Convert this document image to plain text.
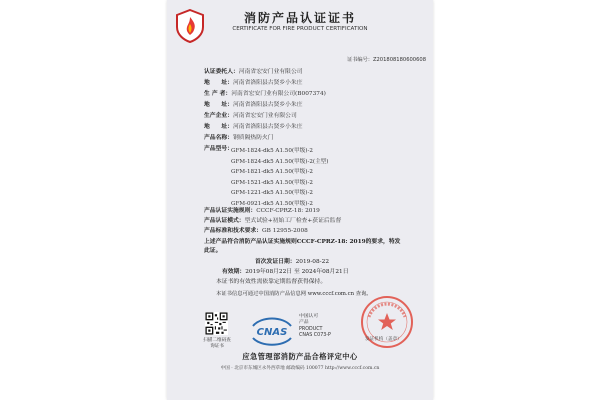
消防产品认证证书
CERTIFICATE FOR FIRE PRODUCT CERTIFICATION
证书编号：Z201808180600608
认证委托人：河南省宏安门业有限公司
地　　址：河南省洛阳县古贤乡小朱庄
生 产 者：河南省宏安门业有限公司(B007374)
地　　址：河南省洛阳县古贤乡小朱庄
生产企业：河南省宏安门业有限公司
地　　址：河南省洛阳县古贤乡小朱庄
产品名称：钢质隔热防火门
产品型号：
GFM-1824-dk5 A1.50(甲级)-2
GFM-1824-dk5 A1.50(甲级)-2(主型)
GFM-1821-dk5 A1.50(甲级)-2
GFM-1521-dk5 A1.50(甲级)-2
GFM-1221-dk5 A1.50(甲级)-2
GFM-0921-dk5 A1.50(甲级)-2
产品认证实施规则：CCCF-CPRZ-18: 2019
产品认证模式：型式试验+初始工厂检查+获证后监督
产品标准和技术要求：GB 12955-2008
上述产品符合消防产品认证实施规则CCCF-CPRZ-18: 2019的要求，特发此证。
首次发证日期：2019-08-22
有效期：2019年08月22日 至 2024年08月21日
本证书的有效性需依靠定期监督获得保持。
本证书信息可通过中国消防产品信息网 www.cccf.com.cn 查询。
扫描二维码查询证书
CNAS
中国认可
产品
PRODUCT
CNAS C073-P
发证机构（盖章）
应急管理部消防产品合格评定中心
中国 · 北京市东城区永外西草地 邮政编码 100077 http://www.cccf.com.cn
